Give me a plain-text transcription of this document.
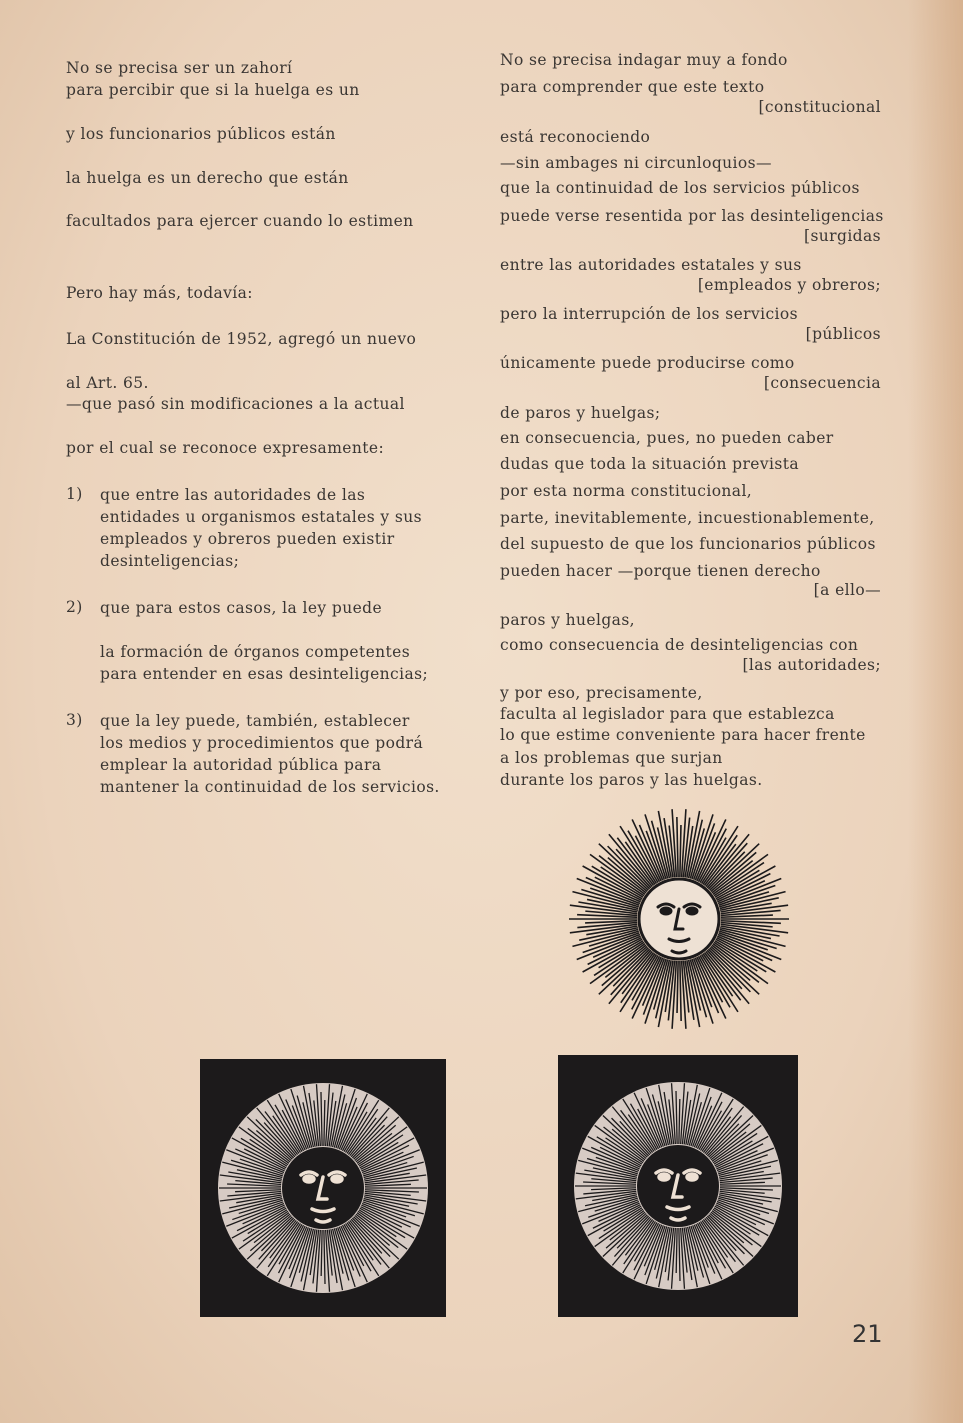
No se precisa ser un zahorí
para percibir que si la huelga es un
y los funcionarios públicos están
la huelga es un derecho que están
facultados para ejercer cuando lo estimen
Pero hay más, todavía:
La Constitución de 1952, agregó un nuevo
al Art. 65.
—que pasó sin modificaciones a la actual
por el cual se reconoce expresamente:
1) que entre las autoridades de las
entidades u organismos estatales y sus
empleados y obreros pueden existir
desinteligencias;
2) que para estos casos, la ley puede
la formación de órganos competentes
para entender en esas desinteligencias;
3) que la ley puede, también, establecer
los medios y procedimientos que podrá
emplear la autoridad pública para
mantener la continuidad de los servicios.
No se precisa indagar muy a fondo
para comprender que este texto
[constitucional
está reconociendo
—sin ambages ni circunloquios—
que la continuidad de los servicios públicos
puede verse resentida por las desinteligencias
[surgidas
entre las autoridades estatales y sus
[empleados y obreros;
pero la interrupción de los servicios
[públicos
únicamente puede producirse como
[consecuencia
de paros y huelgas;
en consecuencia, pues, no pueden caber
dudas que toda la situación prevista
por esta norma constitucional,
parte, inevitablemente, incuestionablemente,
del supuesto de que los funcionarios públicos
pueden hacer —porque tienen derecho
[a ello—
paros y huelgas,
como consecuencia de desinteligencias con
[las autoridades;
y por eso, precisamente,
faculta al legislador para que establezca
lo que estime conveniente para hacer frente
a los problemas que surjan
durante los paros y las huelgas.
21
